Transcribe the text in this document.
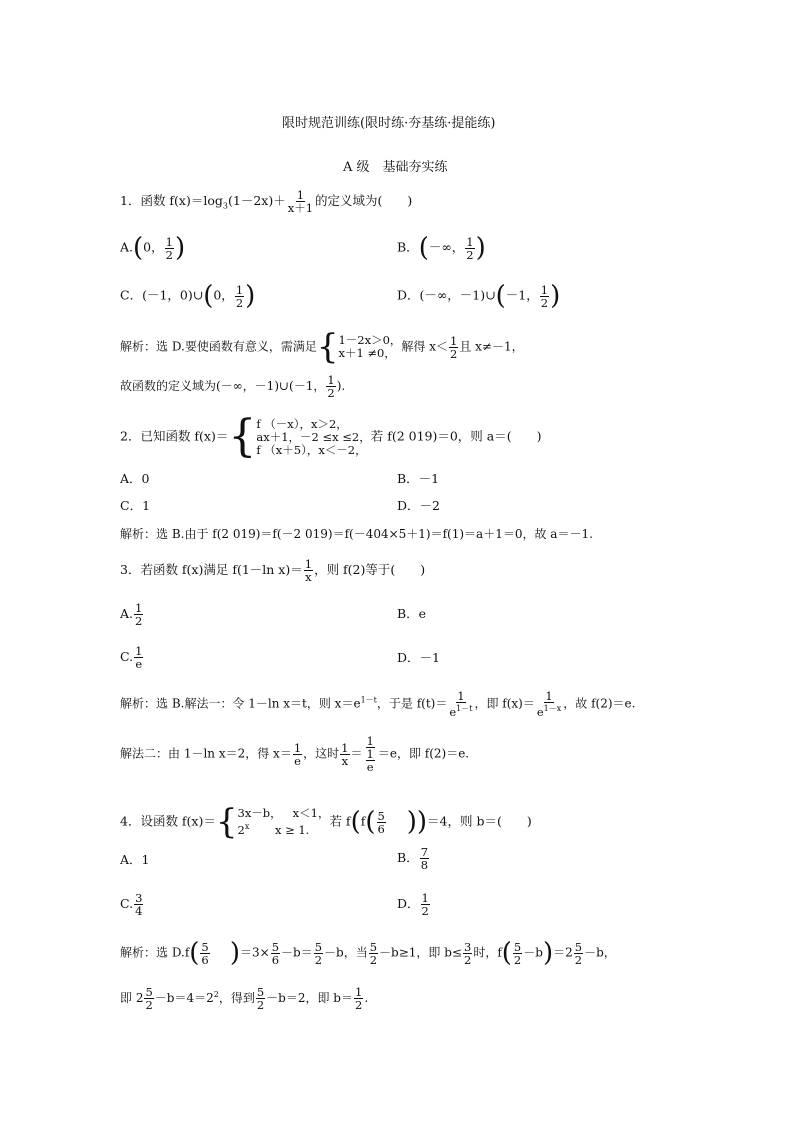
限时规范训练(限时练·夯基练·提能练)
A 级　基础夯实练
1．函数 $f(x)=\log_3(1-2x)+ \frac{1}{x+1}$ 的定义域为(　　)
A.(0， $\frac{1}{2}$ )	B．(－∞， $\frac{1}{2}$ )
C．(－1，0)∪(0， $\frac{1}{2}$ )	D．(－∞，－1)∪(－1， $\frac{1}{2}$ )
解析：选 D.要使函数有意义，需满足{ 1－2x＞0，
x＋1 ≠0， 解得 $x< \frac{1}{2}$ 且 x≠－1，
故函数的定义域为(－∞，－1)∪(－1， $\frac{1}{2}$ ).
2．已知函数 f(x)＝{ f （－x），x＞2，
ax＋1，－2 ≤x ≤2，
f （x＋5），x＜－2，
若 f(2 019)＝0，则 a＝(　　)
A．0	B．－1
C．1	D．－2
解析：选 B.由于 f(2 019)＝f(－2 019)＝f(－404×5＋1)＝f(1)＝a＋1＝0，故 a＝－1.
3．若函数 f(x)满足 f(1－ln $x)= \frac{1}{x}$ ，则 f(2)等于(　　)
A. $\frac{1}{2}$	B．e
C. $\frac{1}{e}$	D．－1
解析：选 B.解法一：令 1－ln x＝t，则 $x=e^{1-t}$，于是 $f(t)= \frac{1}{e^{1-t}}$ ，即 $f(x)= \frac{1}{e^{1-x}}$ ，故 f(2)＝e.
解法二：由 1－ln x＝2，得 $x= \frac{1}{e}$ ，这时 $\frac{1}{x} = \frac{1}{\frac{1}{e}} =e$，即 f(2)＝e.
4．设函数 f(x)＝{ 3x－b， x＜1，
2$^x$ x ≥ 1.
若 $f(f( \frac{5}{6} ))=4$，则 b＝(　　)
A．1	B． $\frac{7}{8}$
C. $\frac{3}{4}$	D． $\frac{1}{2}$
解析：选 $D.f( \frac{5}{6} )=3\times \frac{5}{6} -b= \frac{5}{2} -b$，当 $\frac{5}{2} -b\ge 1$，即 $b\le \frac{3}{2}$ 时，$f( \frac{5}{2} -b)=2 \frac{5}{2} -b$，
即 $2 \frac{5}{2} -b=4=2^2$，得到 $\frac{5}{2} -b=2$，即 $b= \frac{1}{2}$ .
